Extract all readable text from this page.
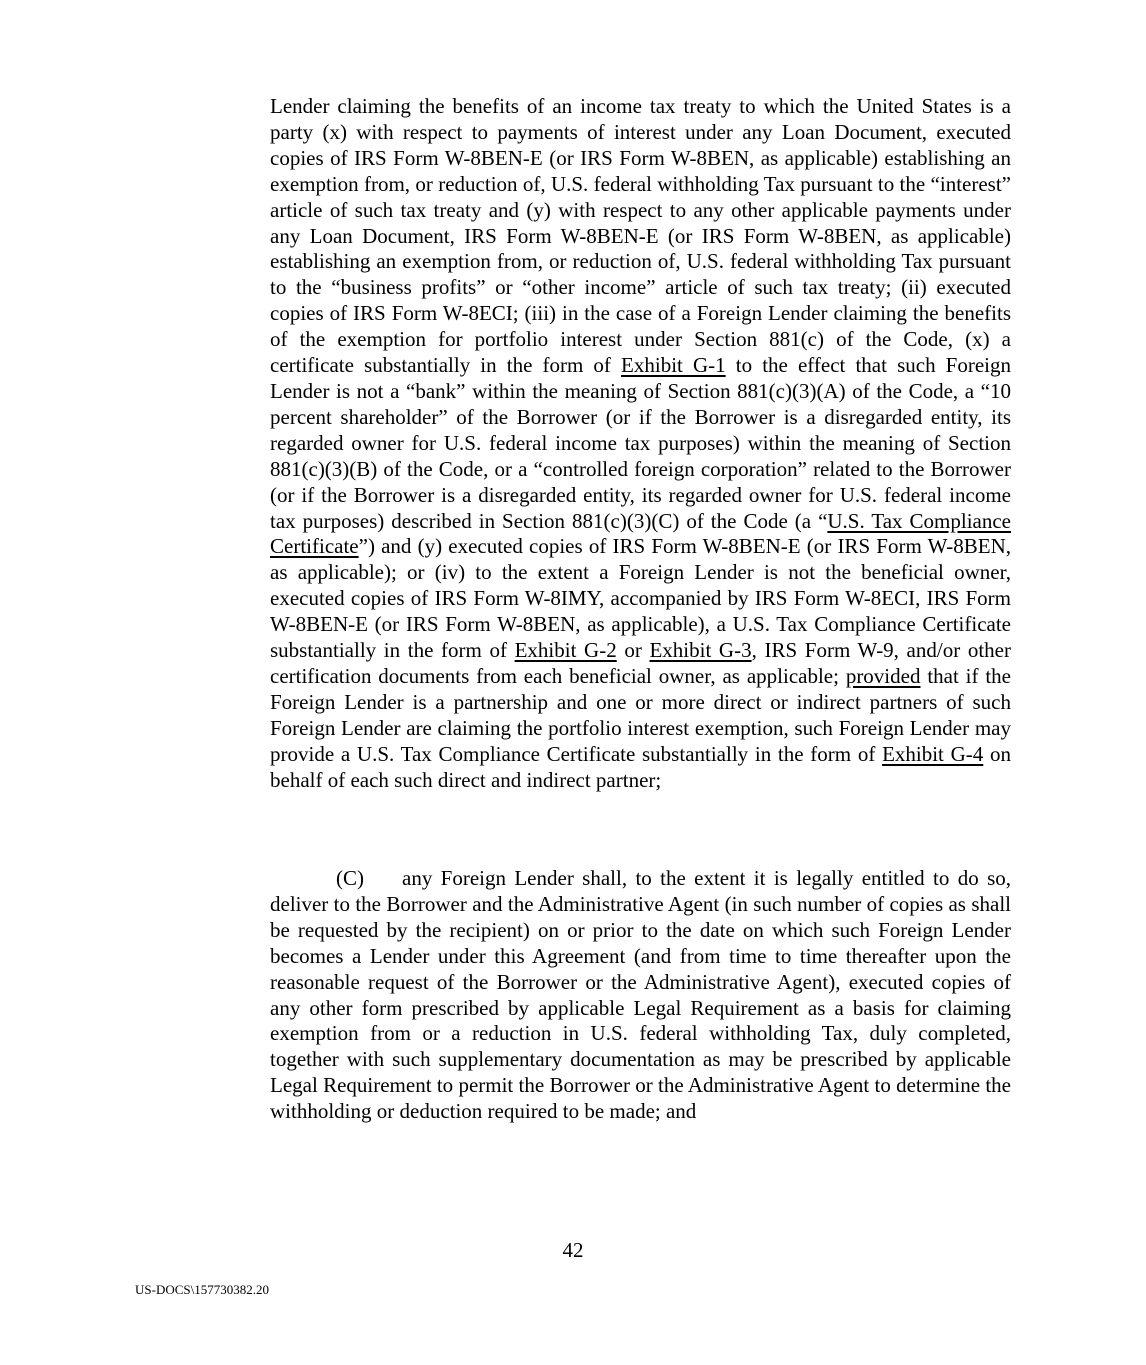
Lender claiming the benefits of an income tax treaty to which the United States is a party (x) with respect to payments of interest under any Loan Document, executed copies of IRS Form W-8BEN-E (or IRS Form W-8BEN, as applicable) establishing an exemption from, or reduction of, U.S. federal withholding Tax pursuant to the “interest” article of such tax treaty and (y) with respect to any other applicable payments under any Loan Document, IRS Form W-8BEN-E (or IRS Form W-8BEN, as applicable) establishing an exemption from, or reduction of, U.S. federal withholding Tax pursuant to the “business profits” or “other income” article of such tax treaty; (ii) executed copies of IRS Form W-8ECI; (iii) in the case of a Foreign Lender claiming the benefits of the exemption for portfolio interest under Section 881(c) of the Code, (x) a certificate substantially in the form of Exhibit G-1 to the effect that such Foreign Lender is not a “bank” within the meaning of Section 881(c)(3)(A) of the Code, a “10 percent shareholder” of the Borrower (or if the Borrower is a disregarded entity, its regarded owner for U.S. federal income tax purposes) within the meaning of Section 881(c)(3)(B) of the Code, or a “controlled foreign corporation” related to the Borrower (or if the Borrower is a disregarded entity, its regarded owner for U.S. federal income tax purposes) described in Section 881(c)(3)(C) of the Code (a “U.S. Tax Compliance Certificate”) and (y) executed copies of IRS Form W-8BEN-E (or IRS Form W-8BEN, as applicable); or (iv) to the extent a Foreign Lender is not the beneficial owner, executed copies of IRS Form W-8IMY, accompanied by IRS Form W-8ECI, IRS Form W-8BEN-E (or IRS Form W-8BEN, as applicable), a U.S. Tax Compliance Certificate substantially in the form of Exhibit G-2 or Exhibit G-3, IRS Form W-9, and/or other certification documents from each beneficial owner, as applicable; provided that if the Foreign Lender is a partnership and one or more direct or indirect partners of such Foreign Lender are claiming the portfolio interest exemption, such Foreign Lender may provide a U.S. Tax Compliance Certificate substantially in the form of Exhibit G-4 on behalf of each such direct and indirect partner;

(C) any Foreign Lender shall, to the extent it is legally entitled to do so, deliver to the Borrower and the Administrative Agent (in such number of copies as shall be requested by the recipient) on or prior to the date on which such Foreign Lender becomes a Lender under this Agreement (and from time to time thereafter upon the reasonable request of the Borrower or the Administrative Agent), executed copies of any other form prescribed by applicable Legal Requirement as a basis for claiming exemption from or a reduction in U.S. federal withholding Tax, duly completed, together with such supplementary documentation as may be prescribed by applicable Legal Requirement to permit the Borrower or the Administrative Agent to determine the withholding or deduction required to be made; and

42

US-DOCS\157730382.20
